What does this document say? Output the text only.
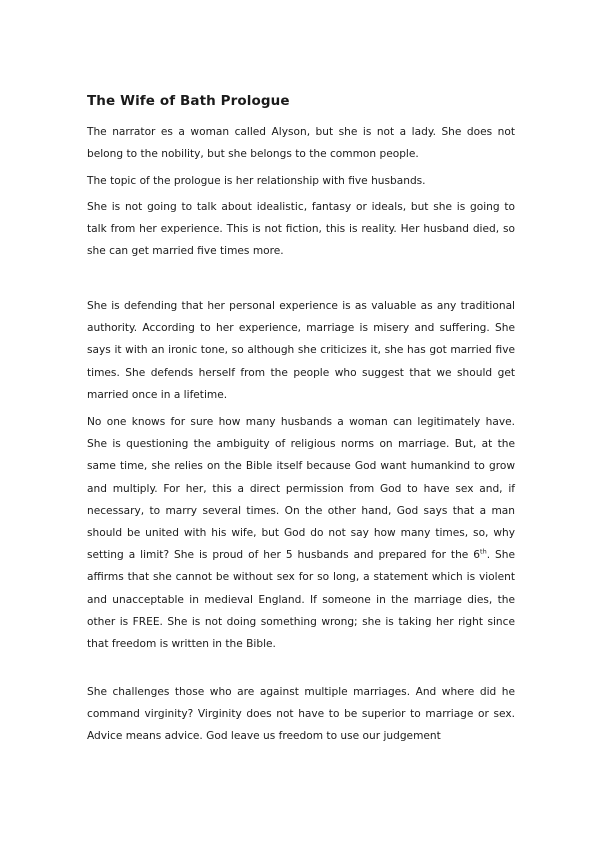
The Wife of Bath Prologue

The narrator es a woman called Alyson, but she is not a lady. She does not belong to the nobility, but she belongs to the common people.

The topic of the prologue is her relationship with five husbands.

She is not going to talk about idealistic, fantasy or ideals, but she is going to talk from her experience. This is not fiction, this is reality. Her husband died, so she can get married five times more.

She is defending that her personal experience is as valuable as any traditional authority. According to her experience, marriage is misery and suffering. She says it with an ironic tone, so although she criticizes it, she has got married five times. She defends herself from the people who suggest that we should get married once in a lifetime.

No one knows for sure how many husbands a woman can legitimately have. She is questioning the ambiguity of religious norms on marriage. But, at the same time, she relies on the Bible itself because God want humankind to grow and multiply. For her, this a direct permission from God to have sex and, if necessary, to marry several times. On the other hand, God says that a man should be united with his wife, but God do not say how many times, so, why setting a limit? She is proud of her 5 husbands and prepared for the 6th. She affirms that she cannot be without sex for so long, a statement which is violent and unacceptable in medieval England. If someone in the marriage dies, the other is FREE. She is not doing something wrong; she is taking her right since that freedom is written in the Bible.

She challenges those who are against multiple marriages. And where did he command virginity? Virginity does not have to be superior to marriage or sex. Advice means advice. God leave us freedom to use our judgement
